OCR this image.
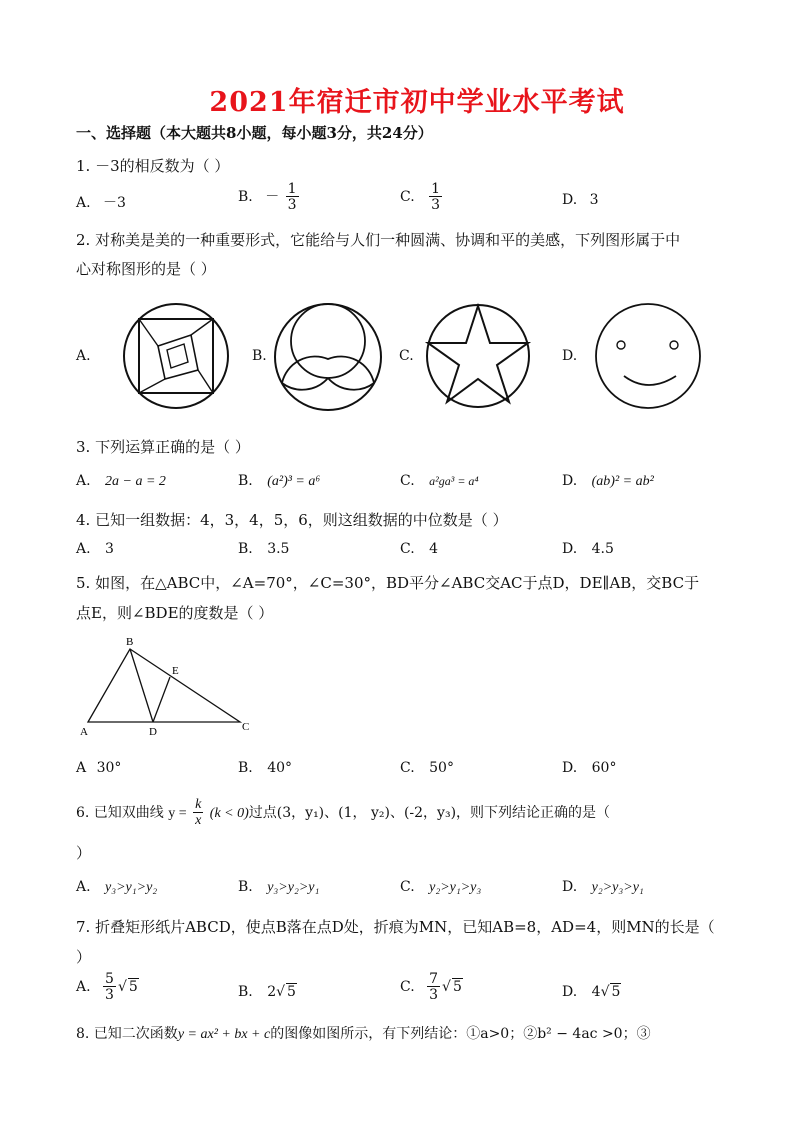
2021年宿迁市初中学业水平考试
一、选择题（本大题共8小题，每小题3分，共24分）
1. －3的相反数为（ ）
A. －3	B. － $\frac{1}{3}$	C. $\frac{1}{3}$	D. 3
2. 对称美是美的一种重要形式，它能给与人们一种圆满、协调和平的美感，下列图形属于中
心对称图形的是（ ）
A.	B.	C.	D.
3. 下列运算正确的是（ ）
A. 2a − a = 2	B. (a²)³ = a⁶	C. a²ga³ = a⁴	D. (ab)² = ab²
4. 已知一组数据：4，3，4，5，6，则这组数据的中位数是（ ）
A. 3	B. 3.5	C. 4	D. 4.5
5. 如图，在△ABC中，∠A=70°，∠C=30°，BD平分∠ABC交AC于点D，DE∥AB，交BC于
点E，则∠BDE的度数是（ ）
B
E
A	D	C
A 30°	B. 40°	C. 50°	D. 60°
6. 已知双曲线 $y = \frac{k}{x} (k < 0)$过点(3，y₁)、(1， y₂)、(-2，y₃)，则下列结论正确的是（
）
A. y₃>y₁>y₂	B. y₃>y₂>y₁	C. y₂>y₁>y₃	D. y₂>y₃>y₁
7. 折叠矩形纸片ABCD，使点B落在点D处，折痕为MN，已知AB=8，AD=4，则MN的长是（
）
A. $\frac{5}{3}$ √ 5	B. 2√ 5	C. $\frac{7}{3}$ √ 5	D. 4√ 5
8. 已知二次函数y = ax² + bx + c的图像如图所示，有下列结论：①a>0；②b² − 4ac >0；③
